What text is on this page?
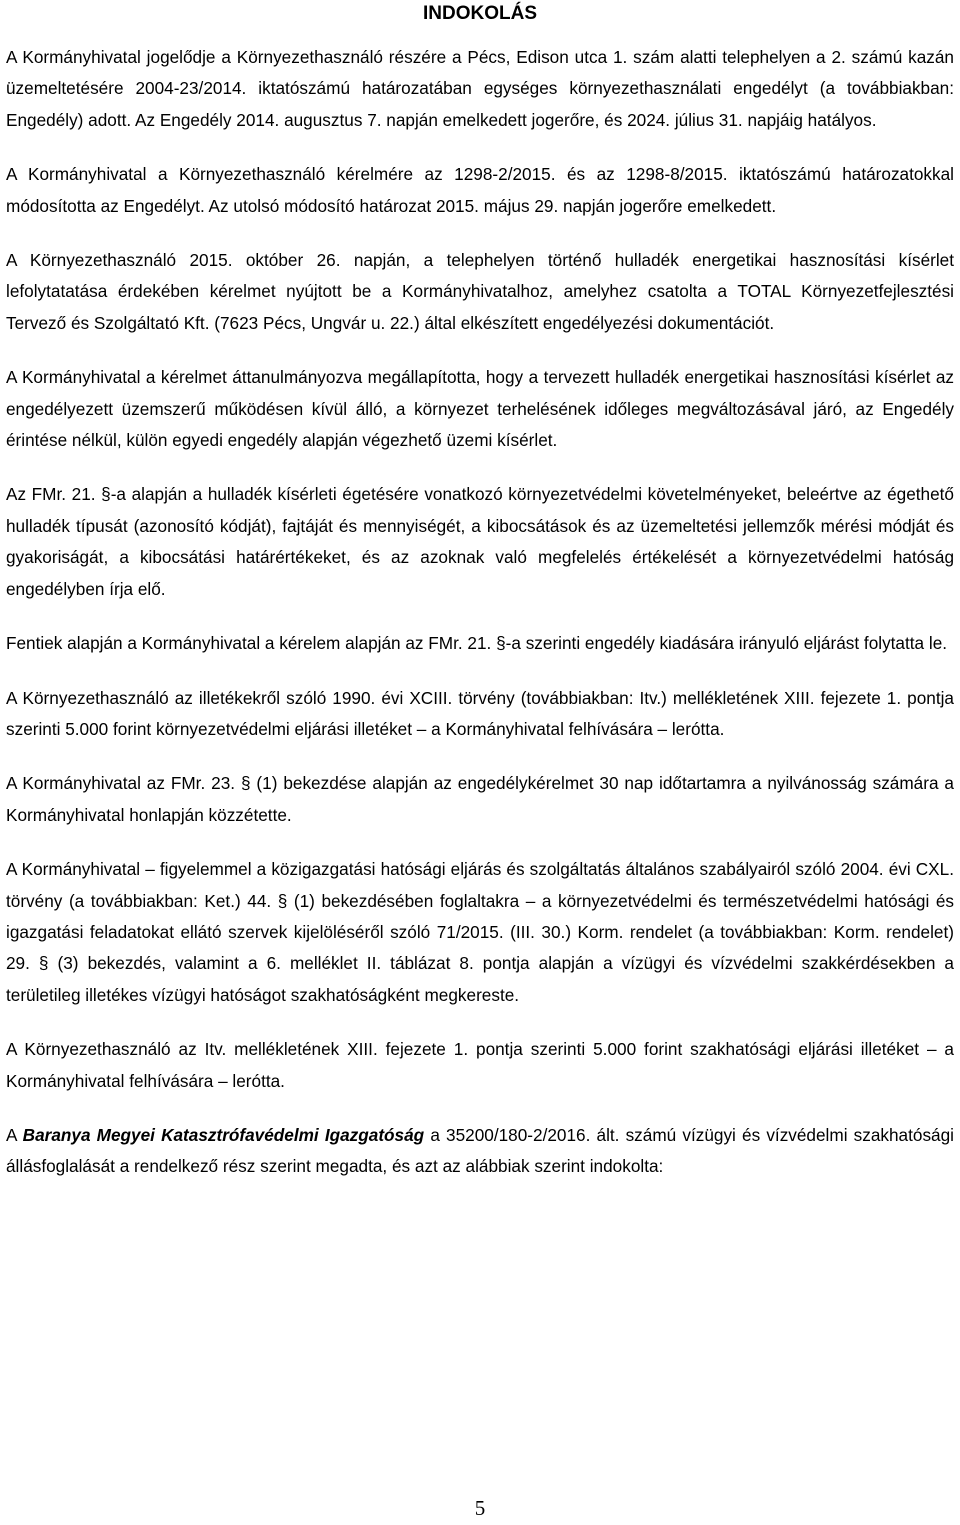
INDOKOLÁS

A Kormányhivatal jogelődje a Környezethasználó részére a Pécs, Edison utca 1. szám alatti telephelyen a 2. számú kazán üzemeltetésére 2004-23/2014. iktatószámú határozatában egységes környezethasználati engedélyt (a továbbiakban: Engedély) adott. Az Engedély 2014. augusztus 7. napján emelkedett jogerőre, és 2024. július 31. napjáig hatályos.

A Kormányhivatal a Környezethasználó kérelmére az 1298-2/2015. és az 1298-8/2015. iktatószámú határozatokkal módosította az Engedélyt. Az utolsó módosító határozat 2015. május 29. napján jogerőre emelkedett.

A Környezethasználó 2015. október 26. napján, a telephelyen történő hulladék energetikai hasznosítási kísérlet lefolytatatása érdekében kérelmet nyújtott be a Kormányhivatalhoz, amelyhez csatolta a TOTAL Környezetfejlesztési Tervező és Szolgáltató Kft. (7623 Pécs, Ungvár u. 22.) által elkészített engedélyezési dokumentációt.

A Kormányhivatal a kérelmet áttanulmányozva megállapította, hogy a tervezett hulladék energetikai hasznosítási kísérlet az engedélyezett üzemszerű működésen kívül álló, a környezet terhelésének időleges megváltozásával járó, az Engedély érintése nélkül, külön egyedi engedély alapján végezhető üzemi kísérlet.

Az FMr. 21. §-a alapján a hulladék kísérleti égetésére vonatkozó környezetvédelmi követelményeket, beleértve az égethető hulladék típusát (azonosító kódját), fajtáját és mennyiségét, a kibocsátások és az üzemeltetési jellemzők mérési módját és gyakoriságát, a kibocsátási határértékeket, és az azoknak való megfelelés értékelését a környezetvédelmi hatóság engedélyben írja elő.

Fentiek alapján a Kormányhivatal a kérelem alapján az FMr. 21. §-a szerinti engedély kiadására irányuló eljárást folytatta le.

A Környezethasználó az illetékekről szóló 1990. évi XCIII. törvény (továbbiakban: Itv.) mellékletének XIII. fejezete 1. pontja szerinti 5.000 forint környezetvédelmi eljárási illetéket – a Kormányhivatal felhívására – lerótta.

A Kormányhivatal az FMr. 23. § (1) bekezdése alapján az engedélykérelmet 30 nap időtartamra a nyilvánosság számára a Kormányhivatal honlapján közzétette.

A Kormányhivatal – figyelemmel a közigazgatási hatósági eljárás és szolgáltatás általános szabályairól szóló 2004. évi CXL. törvény (a továbbiakban: Ket.) 44. § (1) bekezdésében foglaltakra – a környezetvédelmi és természetvédelmi hatósági és igazgatási feladatokat ellátó szervek kijelöléséről szóló 71/2015. (III. 30.) Korm. rendelet (a továbbiakban: Korm. rendelet) 29. § (3) bekezdés, valamint a 6. melléklet II. táblázat 8. pontja alapján a vízügyi és vízvédelmi szakkérdésekben a területileg illetékes vízügyi hatóságot szakhatóságként megkereste.

A Környezethasználó az Itv. mellékletének XIII. fejezete 1. pontja szerinti 5.000 forint szakhatósági eljárási illetéket – a Kormányhivatal felhívására – lerótta.

A Baranya Megyei Katasztrófavédelmi Igazgatóság a 35200/180-2/2016. ált. számú vízügyi és vízvédelmi szakhatósági állásfoglalását a rendelkező rész szerint megadta, és azt az alábbiak szerint indokolta:

5
